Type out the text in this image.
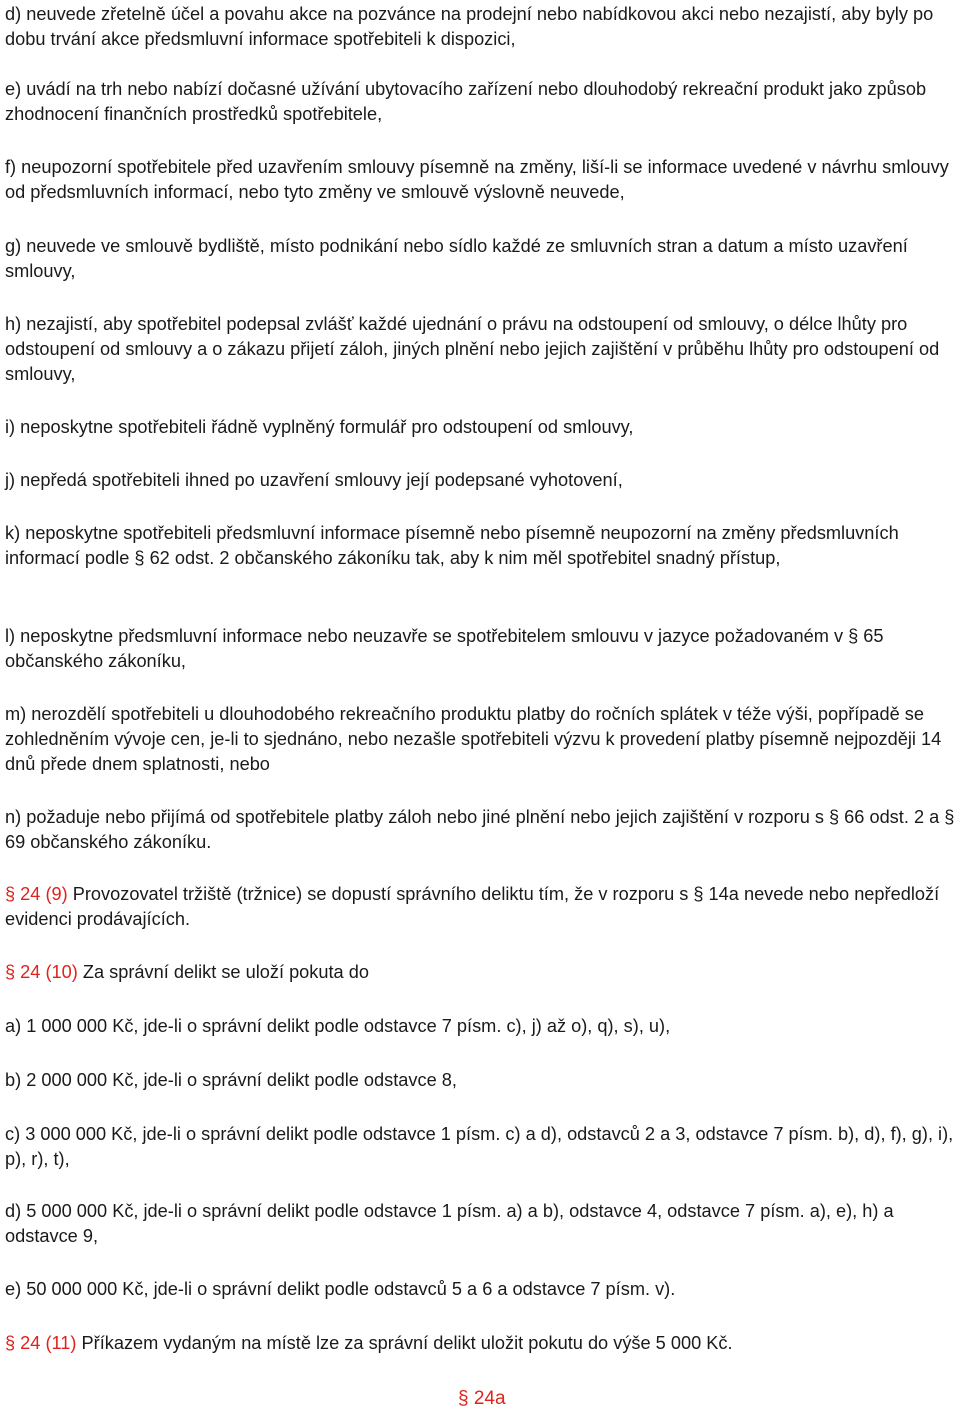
d) neuvede zřetelně účel a povahu akce na pozvánce na prodejní nebo nabídkovou akci nebo nezajistí, aby byly po dobu trvání akce předsmluvní informace spotřebiteli k dispozici,

e) uvádí na trh nebo nabízí dočasné užívání ubytovacího zařízení nebo dlouhodobý rekreační produkt jako způsob zhodnocení finančních prostředků spotřebitele,

f) neupozorní spotřebitele před uzavřením smlouvy písemně na změny, liší-li se informace uvedené v návrhu smlouvy od předsmluvních informací, nebo tyto změny ve smlouvě výslovně neuvede,

g) neuvede ve smlouvě bydliště, místo podnikání nebo sídlo každé ze smluvních stran a datum a místo uzavření smlouvy,

h) nezajistí, aby spotřebitel podepsal zvlášť každé ujednání o právu na odstoupení od smlouvy, o délce lhůty pro odstoupení od smlouvy a o zákazu přijetí záloh, jiných plnění nebo jejich zajištění v průběhu lhůty pro odstoupení od smlouvy,

i) neposkytne spotřebiteli řádně vyplněný formulář pro odstoupení od smlouvy,

j) nepředá spotřebiteli ihned po uzavření smlouvy její podepsané vyhotovení,

k) neposkytne spotřebiteli předsmluvní informace písemně nebo písemně neupozorní na změny předsmluvních informací podle § 62 odst. 2 občanského zákoníku tak, aby k nim měl spotřebitel snadný přístup,

l) neposkytne předsmluvní informace nebo neuzavře se spotřebitelem smlouvu v jazyce požadovaném v § 65 občanského zákoníku,

m) nerozdělí spotřebiteli u dlouhodobého rekreačního produktu platby do ročních splátek v téže výši, popřípadě se zohledněním vývoje cen, je-li to sjednáno, nebo nezašle spotřebiteli výzvu k provedení platby písemně nejpozději 14 dnů přede dnem splatnosti, nebo

n) požaduje nebo přijímá od spotřebitele platby záloh nebo jiné plnění nebo jejich zajištění v rozporu s § 66 odst. 2 a § 69 občanského zákoníku.

§ 24 (9) Provozovatel tržiště (tržnice) se dopustí správního deliktu tím, že v rozporu s § 14a nevede nebo nepředloží evidenci prodávajících.

§ 24 (10) Za správní delikt se uloží pokuta do

a) 1 000 000 Kč, jde-li o správní delikt podle odstavce 7 písm. c), j) až o), q), s), u),

b) 2 000 000 Kč, jde-li o správní delikt podle odstavce 8,

c) 3 000 000 Kč, jde-li o správní delikt podle odstavce 1 písm. c) a d), odstavců 2 a 3, odstavce 7 písm. b), d), f), g), i), p), r), t),

d) 5 000 000 Kč, jde-li o správní delikt podle odstavce 1 písm. a) a b), odstavce 4, odstavce 7 písm. a), e), h) a odstavce 9,

e) 50 000 000 Kč, jde-li o správní delikt podle odstavců 5 a 6 a odstavce 7 písm. v).

§ 24 (11) Příkazem vydaným na místě lze za správní delikt uložit pokutu do výše 5 000 Kč.

§ 24a
